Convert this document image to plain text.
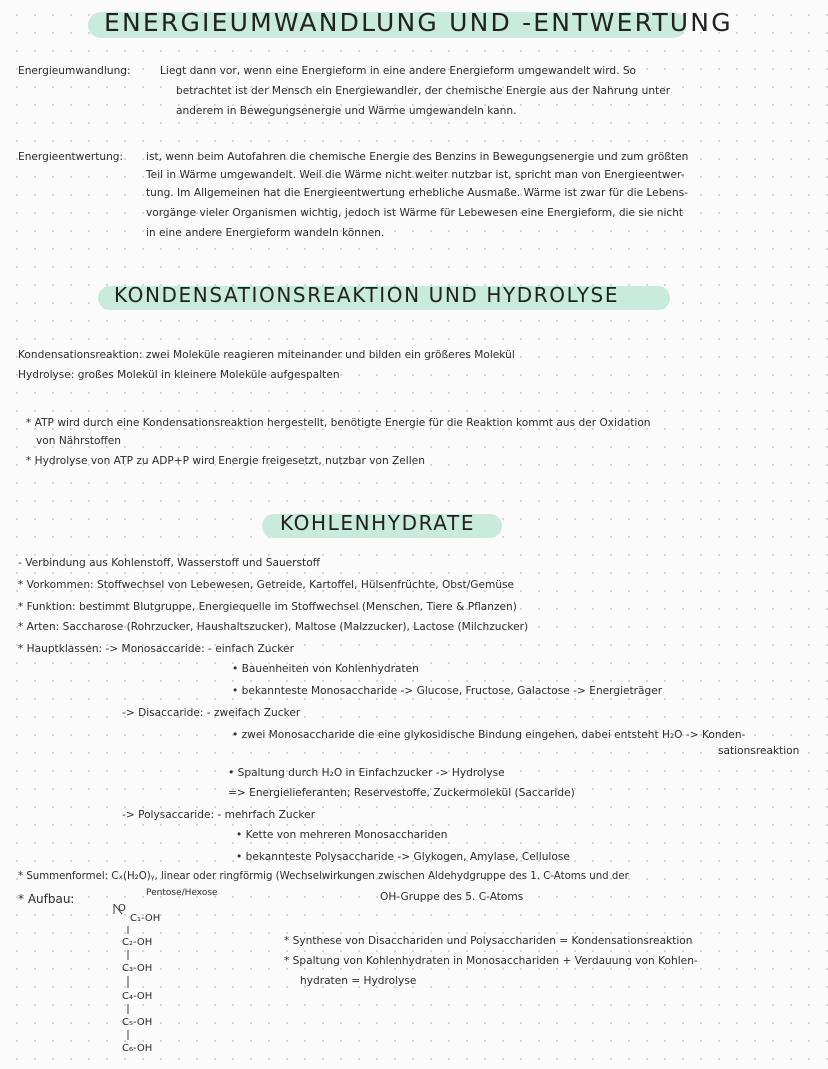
ENERGIEUMWANDLUNG UND -ENTWERTUNG
Energieumwandlung:	Liegt dann vor, wenn eine Energieform in eine andere Energieform umgewandelt wird. So
betrachtet ist der Mensch ein Energiewandler, der chemische Energie aus der Nahrung unter
anderem in Bewegungsenergie und Wärme umgewandeln kann.
Energieentwertung: ist, wenn beim Autofahren die chemische Energie des Benzins in Bewegungsenergie und zum größten
Teil in Wärme umgewandelt. Weil die Wärme nicht weiter nutzbar ist, spricht man von Energieentwer-
tung. Im Allgemeinen hat die Energieentwertung erhebliche Ausmaße. Wärme ist zwar für die Lebens-
vorgänge vieler Organismen wichtig, jedoch ist Wärme für Lebewesen eine Energieform, die sie nicht
in eine andere Energieform wandeln können.
KONDENSATIONSREAKTION UND HYDROLYSE
Kondensationsreaktion: zwei Moleküle reagieren miteinander und bilden ein größeres Molekül
Hydrolyse: großes Molekül in kleinere Moleküle aufgespalten
* ATP wird durch eine Kondensationsreaktion hergestellt, benötigte Energie für die Reaktion kommt aus der Oxidation
von Nährstoffen
* Hydrolyse von ATP zu ADP+P wird Energie freigesetzt, nutzbar von Zellen
KOHLENHYDRATE
- Verbindung aus Kohlenstoff, Wasserstoff und Sauerstoff
* Vorkommen: Stoffwechsel von Lebewesen, Getreide, Kartoffel, Hülsenfrüchte, Obst/Gemüse
* Funktion: bestimmt Blutgruppe, Energiequelle im Stoffwechsel (Menschen, Tiere & Pflanzen)
* Arten: Saccharose (Rohrzucker, Haushaltszucker), Maltose (Malzzucker), Lactose (Milchzucker)
* Hauptklassen: -> Monosaccaride: - einfach Zucker
• Bauenheiten von Kohlenhydraten
• bekannteste Monosaccharide -> Glucose, Fructose, Galactose -> Energieträger
-> Disaccaride: - zweifach Zucker
• zwei Monosaccharide die eine glykosidische Bindung eingehen, dabei entsteht H₂O -> Konden-
sationsreaktion
• Spaltung durch H₂O in Einfachzucker -> Hydrolyse
=> Energielieferanten; Reservestoffe, Zuckermolekül (Saccaride)
-> Polysaccaride: - mehrfach Zucker
• Kette von mehreren Monosacchariden
• bekannteste Polysaccharide -> Glykogen, Amylase, Cellulose
* Summenformel: Cₓ(H₂O)ᵧ, linear oder ringförmig (Wechselwirkungen zwischen Aldehydgruppe des 1. C-Atoms und der
OH-Gruppe des 5. C-Atoms
* Aufbau:	Pentose/Hexose
O
C₁-OH
C₂-OH
C₃-OH
C₄-OH
C₅-OH
C₆-OH
* Synthese von Disacchariden und Polysacchariden = Kondensationsreaktion
* Spaltung von Kohlenhydraten in Monosacchariden + Verdauung von Kohlen-
hydraten = Hydrolyse
